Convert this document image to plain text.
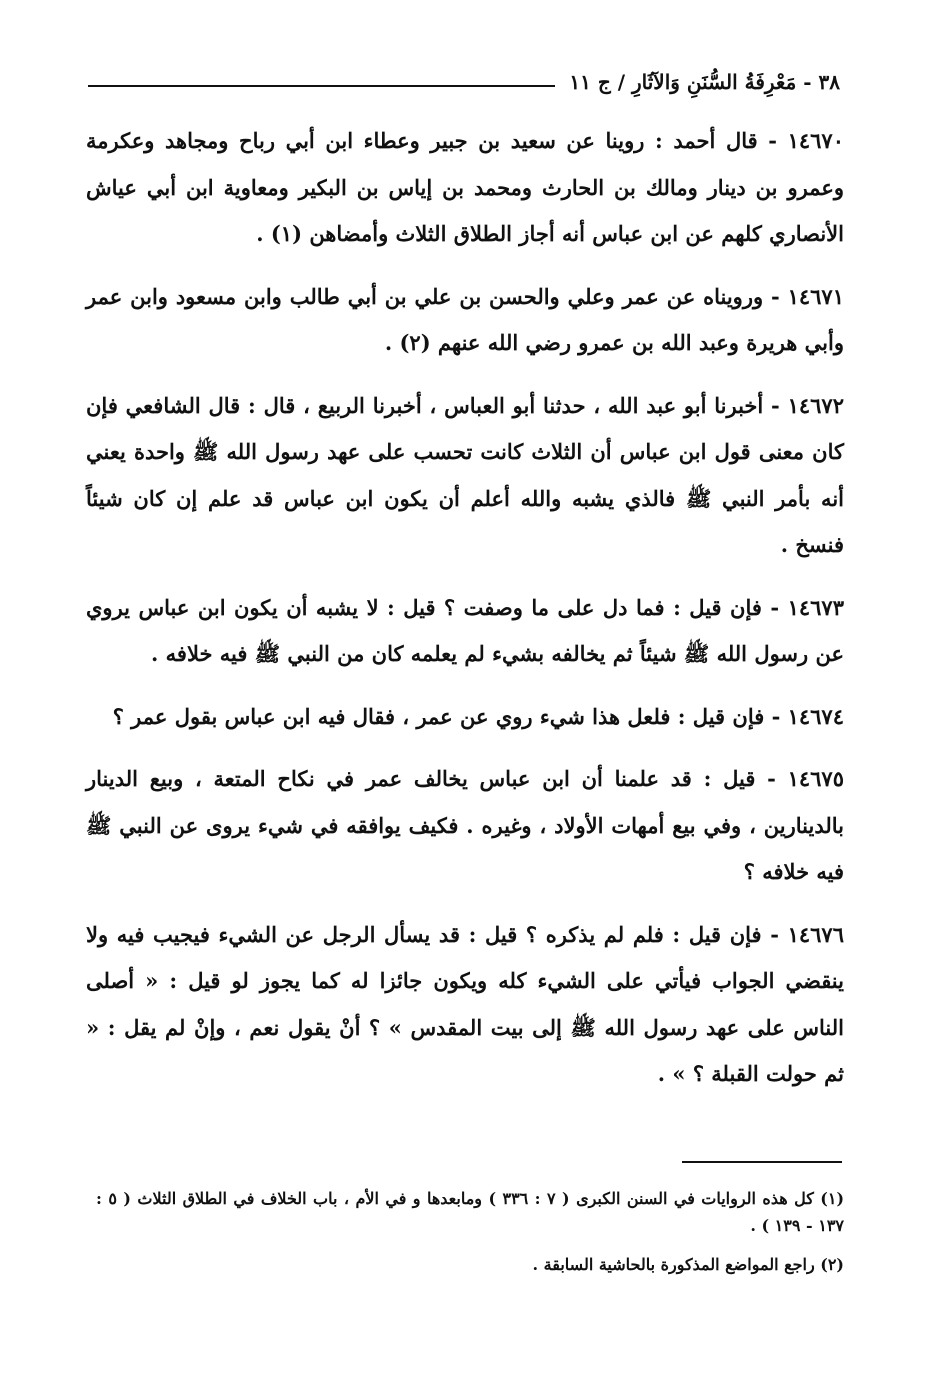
٣٨ - مَعْرِفَةُ السُّنَنِ وَالآثَارِ / ج ١١

١٤٦٧٠ - قال أحمد : روينا عن سعيد بن جبير وعطاء ابن أبي رباح ومجاهد وعكرمة وعمرو بن دينار ومالك بن الحارث ومحمد بن إياس بن البكير ومعاوية ابن أبي عياش الأنصاري كلهم عن ابن عباس أنه أجاز الطلاق الثلاث وأمضاهن (١) .

١٤٦٧١ - ورويناه عن عمر وعلي والحسن بن علي بن أبي طالب وابن مسعود وابن عمر وأبي هريرة وعبد الله بن عمرو رضي الله عنهم (٢) .

١٤٦٧٢ - أخبرنا أبو عبد الله ، حدثنا أبو العباس ، أخبرنا الربيع ، قال : قال الشافعي فإن كان معنى قول ابن عباس أن الثلاث كانت تحسب على عهد رسول الله ﷺ واحدة يعني أنه بأمر النبي ﷺ فالذي يشبه والله أعلم أن يكون ابن عباس قد علم إن كان شيئاً فنسخ .

١٤٦٧٣ - فإن قيل : فما دل على ما وصفت ؟ قيل : لا يشبه أن يكون ابن عباس يروي عن رسول الله ﷺ شيئاً ثم يخالفه بشيء لم يعلمه كان من النبي ﷺ فيه خلافه .

١٤٦٧٤ - فإن قيل : فلعل هذا شيء روي عن عمر ، فقال فيه ابن عباس بقول عمر ؟

١٤٦٧٥ - قيل : قد علمنا أن ابن عباس يخالف عمر في نكاح المتعة ، وبيع الدينار بالدينارين ، وفي بيع أمهات الأولاد ، وغيره . فكيف يوافقه في شيء يروى عن النبي ﷺ فيه خلافه ؟

١٤٦٧٦ - فإن قيل : فلم لم يذكره ؟ قيل : قد يسأل الرجل عن الشيء فيجيب فيه ولا ينقضي الجواب فيأتي على الشيء كله ويكون جائزا له كما يجوز لو قيل : « أصلى الناس على عهد رسول الله ﷺ إلى بيت المقدس » ؟ أنْ يقول نعم ، وإنْ لم يقل : « ثم حولت القبلة ؟ » .

(١) كل هذه الروايات في السنن الكبرى ( ٧ : ٣٣٦ ) ومابعدها و في الأم ، باب الخلاف في الطلاق الثلاث ( ٥ : ١٣٧ - ١٣٩ ) .

(٢) راجع المواضع المذكورة بالحاشية السابقة .
